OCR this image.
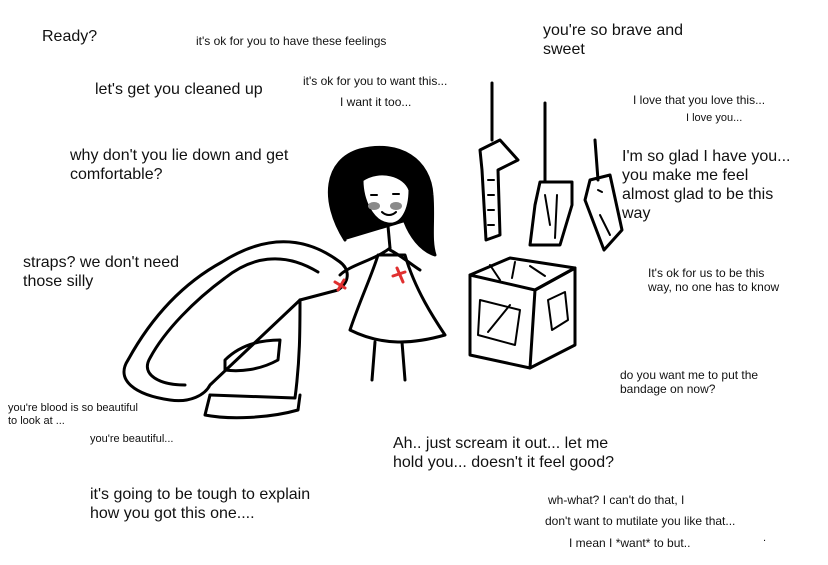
Ready?	it's ok for you to have these feelings
you're so brave and
sweet
let's get you cleaned up	it's ok for you to want this...
I want it too...	I love that you love this...
I love you...
why don't you lie down and get
comfortable?
I'm so glad I have you...
you make me feel
almost glad to be this
way
straps? we don't need
those silly	It's ok for us to be this
way, no one has to know
do you want me to put the
bandage on now?
you're blood is so beautiful
to look at ...
you're beautiful...	Ah.. just scream it out... let me
hold you... doesn't it feel good?
it's going to be tough to explain
how you got this one....
wh-what? I can't do that, I
don't want to mutilate you like that...
I mean I *want* to but..	.
